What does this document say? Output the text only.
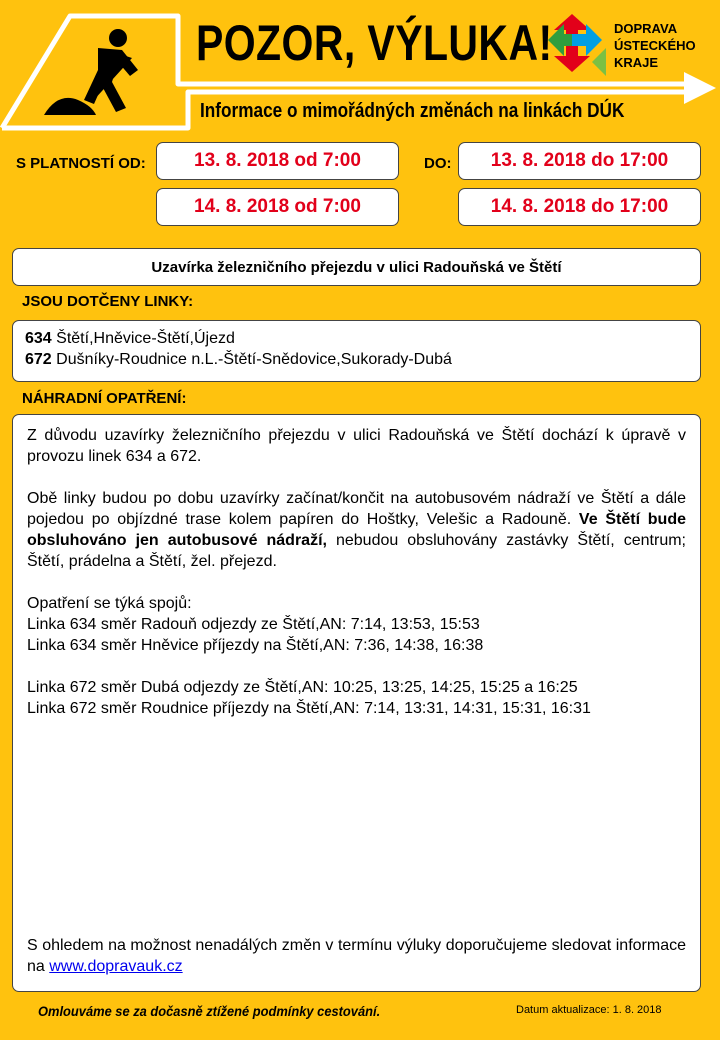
POZOR, VÝLUKA!	DOPRAVA
ÚSTECKÉHO
KRAJE
Informace o mimořádných změnách na linkách DÚK
S PLATNOSTÍ OD:	DO:
13. 8. 2018 od 7:00	13. 8. 2018 do 17:00
14. 8. 2018 od 7:00	14. 8. 2018 do 17:00
Uzavírka železničního přejezdu v ulici Radouňská ve Štětí
JSOU DOTČENY LINKY:
634 Štětí,Hněvice-Štětí,Újezd
672 Dušníky-Roudnice n.L.-Štětí-Snědovice,Sukorady-Dubá
NÁHRADNÍ OPATŘENÍ:

Z důvodu uzavírky železničního přejezdu v ulici Radouňská ve Štětí dochází k úpravě v provozu linek 634 a 672.

Obě linky budou po dobu uzavírky začínat/končit na autobusovém nádraží ve Štětí a dále pojedou po objízdné trase kolem papíren do Hoštky, Velešic a Radouně. Ve Štětí bude obsluhováno jen autobusové nádraží, nebudou obsluhovány zastávky Štětí, centrum; Štětí, prádelna a Štětí, žel. přejezd.

Opatření se týká spojů:
Linka 634 směr Radouň odjezdy ze Štětí,AN: 7:14, 13:53, 15:53
Linka 634 směr Hněvice příjezdy na Štětí,AN: 7:36, 14:38, 16:38
Linka 672 směr Dubá odjezdy ze Štětí,AN: 10:25, 13:25, 14:25, 15:25 a 16:25
Linka 672 směr Roudnice příjezdy na Štětí,AN: 7:14, 13:31, 14:31, 15:31, 16:31

S ohledem na možnost nenadálých změn v termínu výluky doporučujeme sledovat informace na www.dopravauk.cz

Omlouváme se za dočasně ztížené podmínky cestování.	Datum aktualizace: 1. 8. 2018
